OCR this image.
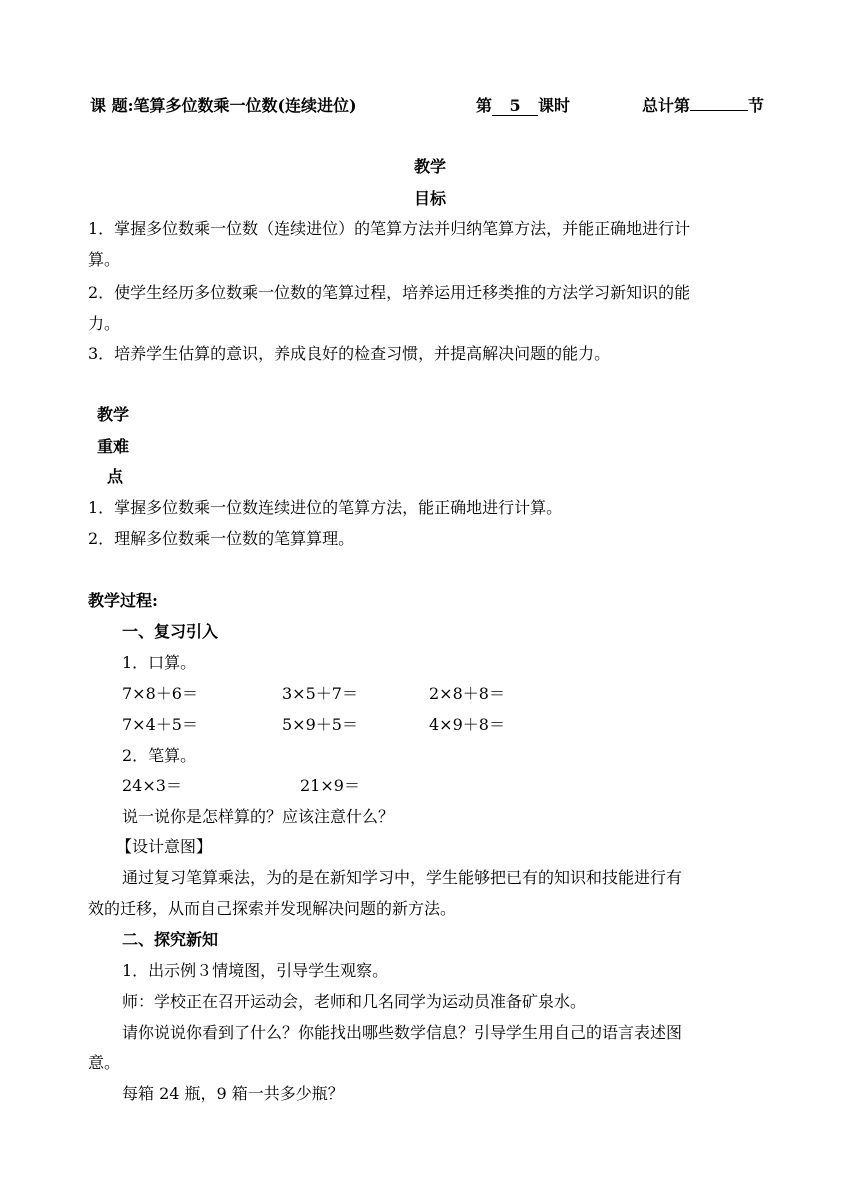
课 题:笔算多位数乘一位数(连续进位)	第 5 课时	总计第	节
教学
目标
1．掌握多位数乘一位数（连续进位）的笔算方法并归纳笔算方法，并能正确地进行计
算。
2．使学生经历多位数乘一位数的笔算过程，培养运用迁移类推的方法学习新知识的能
力。
3．培养学生估算的意识，养成良好的检查习惯，并提高解决问题的能力。
教学
重难
点
1．掌握多位数乘一位数连续进位的笔算方法，能正确地进行计算。
2．理解多位数乘一位数的笔算算理。
教学过程:
一、复习引入
1．口算。
7×8＋6＝	3×5＋7＝	2×8＋8＝
7×4＋5＝	5×9＋5＝	4×9＋8＝
2．笔算。
24×3＝	21×9＝
说一说你是怎样算的？应该注意什么？
【设计意图】
通过复习笔算乘法，为的是在新知学习中，学生能够把已有的知识和技能进行有
效的迁移，从而自己探索并发现解决问题的新方法。
二、探究新知
1．出示例３情境图，引导学生观察。
师：学校正在召开运动会，老师和几名同学为运动员准备矿泉水。
请你说说你看到了什么？你能找出哪些数学信息？引导学生用自己的语言表述图
意。
每箱 24 瓶，9 箱一共多少瓶？
